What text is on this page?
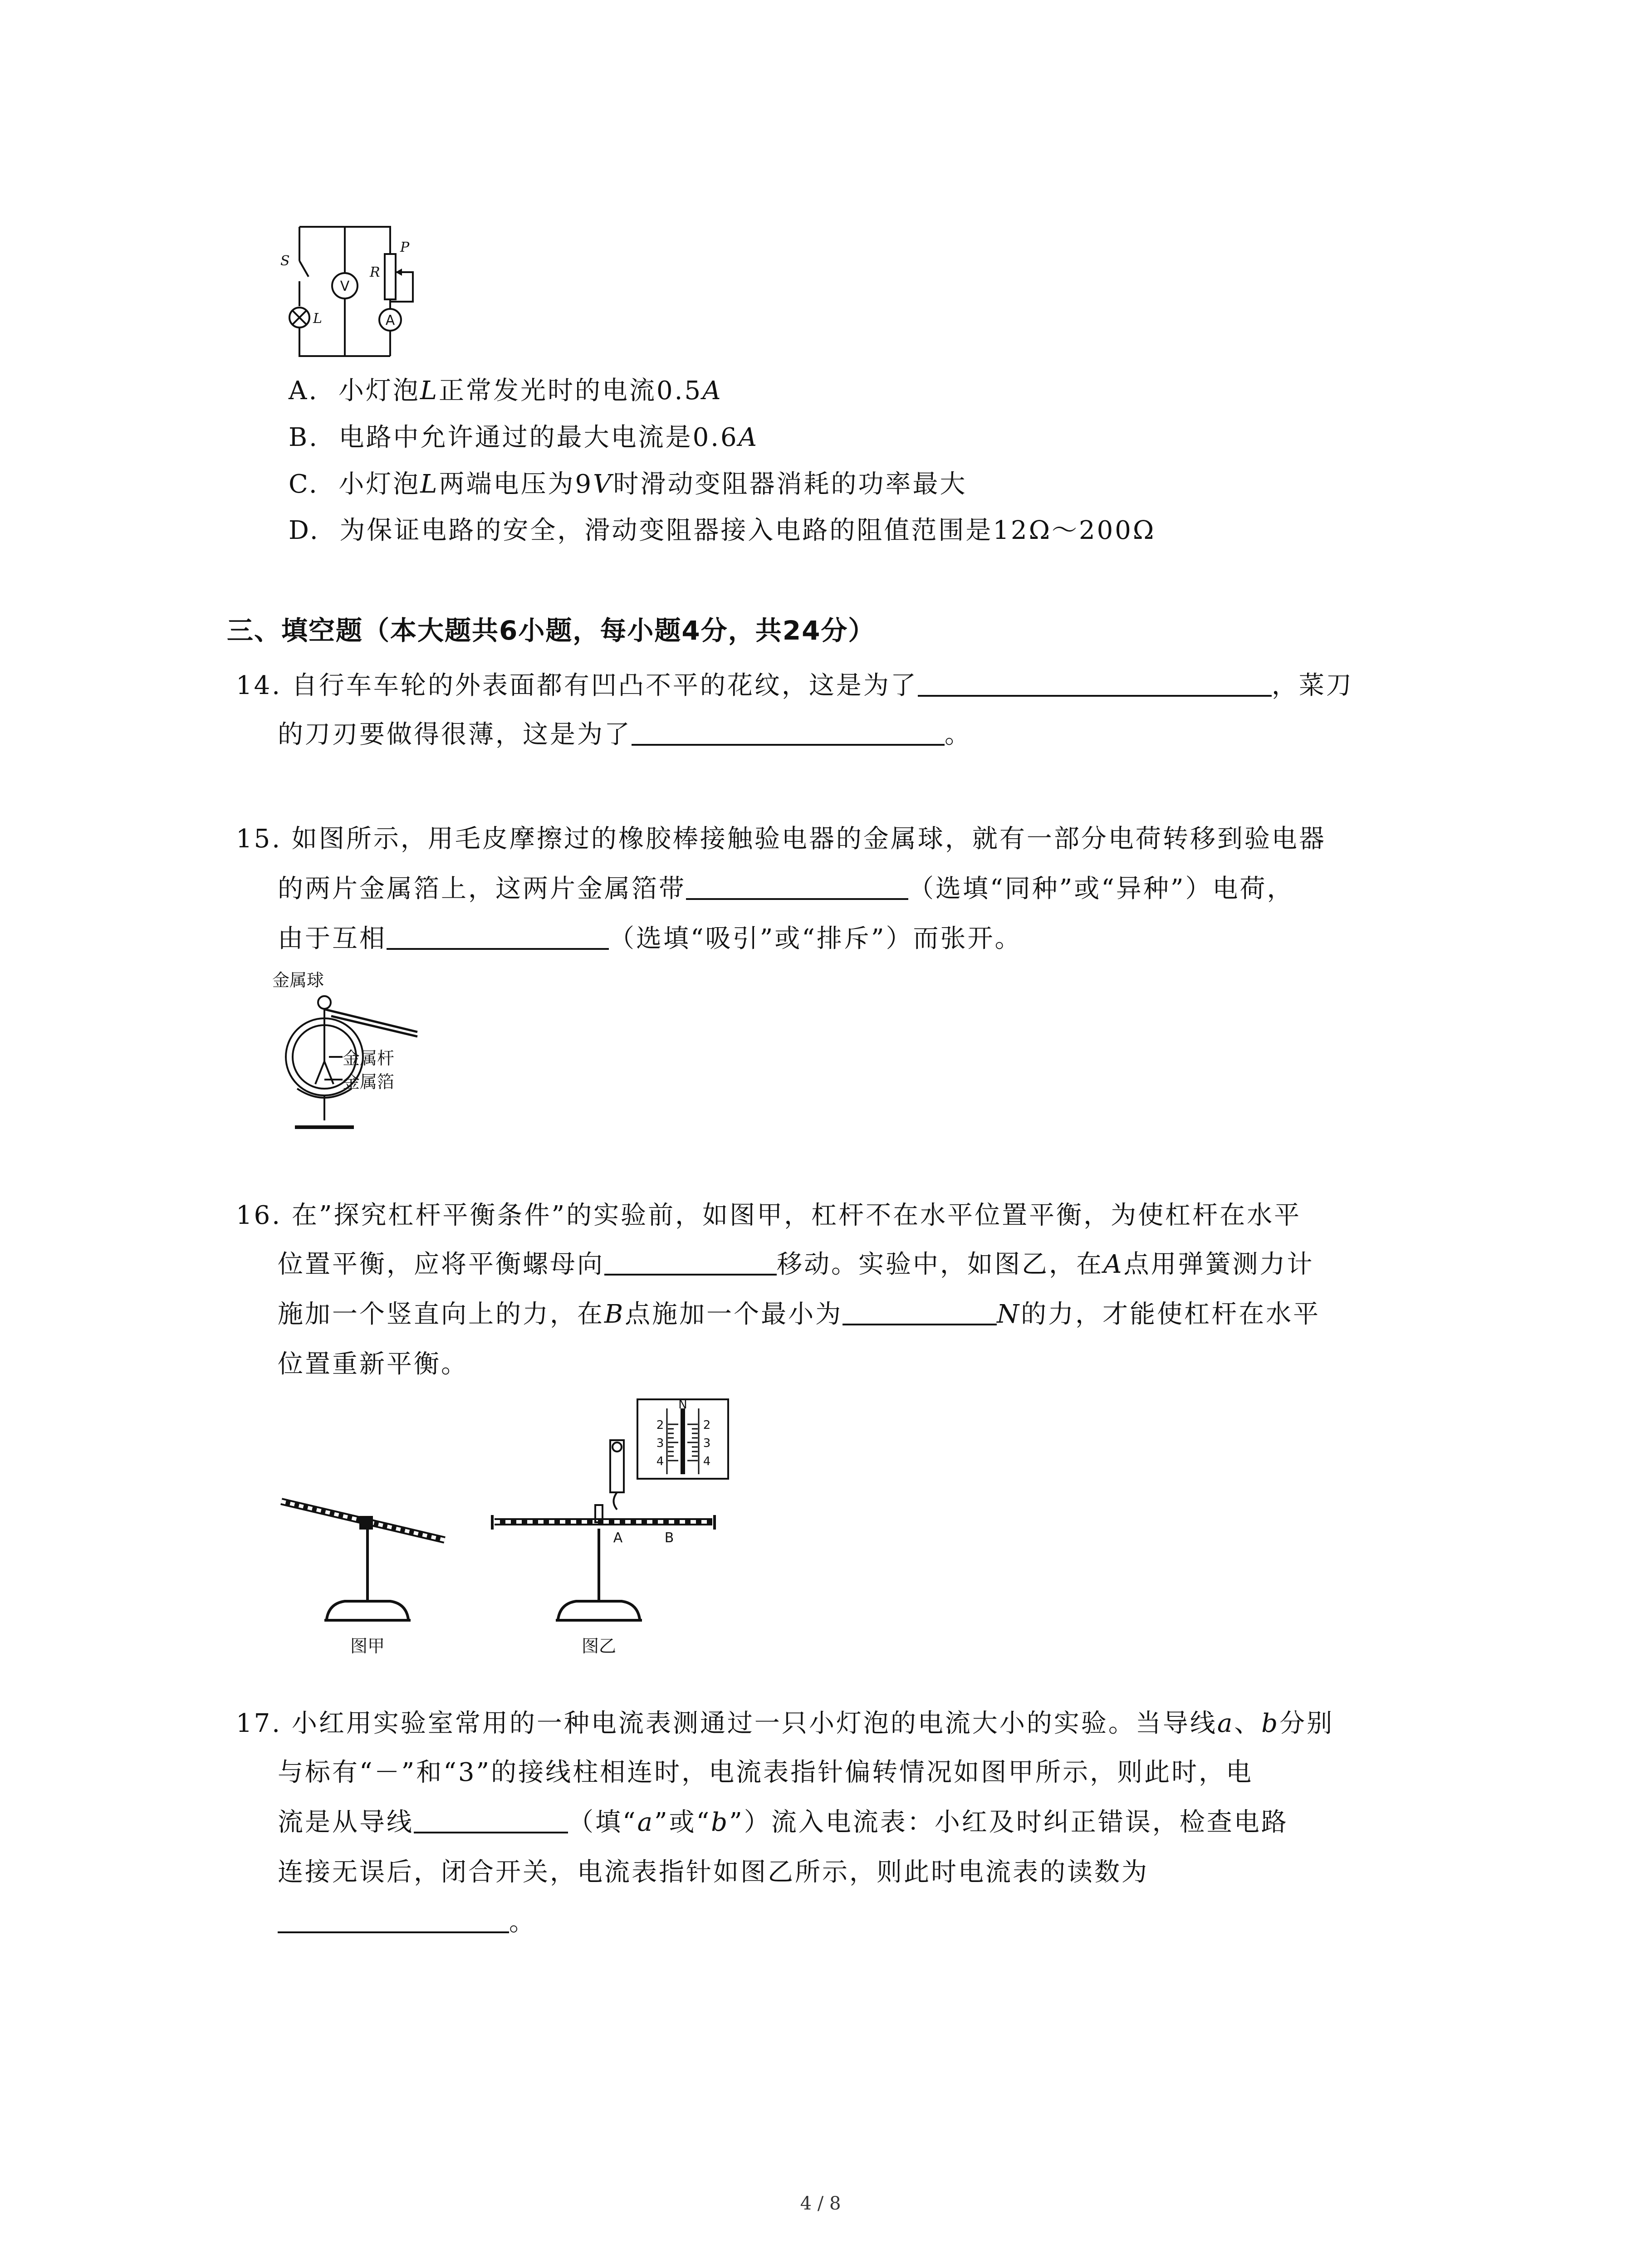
S
L
R
P
V
A
A. 小灯泡L正常发光时的电流0.5A
B. 电路中允许通过的最大电流是0.6A
C. 小灯泡L两端电压为9V时滑动变阻器消耗的功率最大
D. 为保证电路的安全，滑动变阻器接入电路的阻值范围是12Ω～200Ω
三、填空题（本大题共6小题，每小题4分，共24分）
14. 自行车车轮的外表面都有凹凸不平的花纹，这是为了	，菜刀
的刀刃要做得很薄，这是为了	。
15. 如图所示，用毛皮摩擦过的橡胶棒接触验电器的金属球，就有一部分电荷转移到验电器
的两片金属箔上，这两片金属箔带	（选填“同种”或“异种”）电荷，
由于互相	（选填“吸引”或“排斥”）而张开。
金属球
金属杆
金属箔
16. 在”探究杠杆平衡条件”的实验前，如图甲，杠杆不在水平位置平衡，为使杠杆在水平
位置平衡，应将平衡螺母向	移动。实验中，如图乙，在A点用弹簧测力计
施加一个竖直向上的力，在B点施加一个最小为	N的力，才能使杠杆在水平
位置重新平衡。
N
2
3
4
2
3
4
A	B
图甲	图乙
17. 小红用实验室常用的一种电流表测通过一只小灯泡的电流大小的实验。当导线a、b分别
与标有“－”和“3”的接线柱相连时，电流表指针偏转情况如图甲所示，则此时，电
流是从导线	（填“a”或“b”）流入电流表：小红及时纠正错误，检查电路
连接无误后，闭合开关，电流表指针如图乙所示，则此时电流表的读数为
。
4 / 8
